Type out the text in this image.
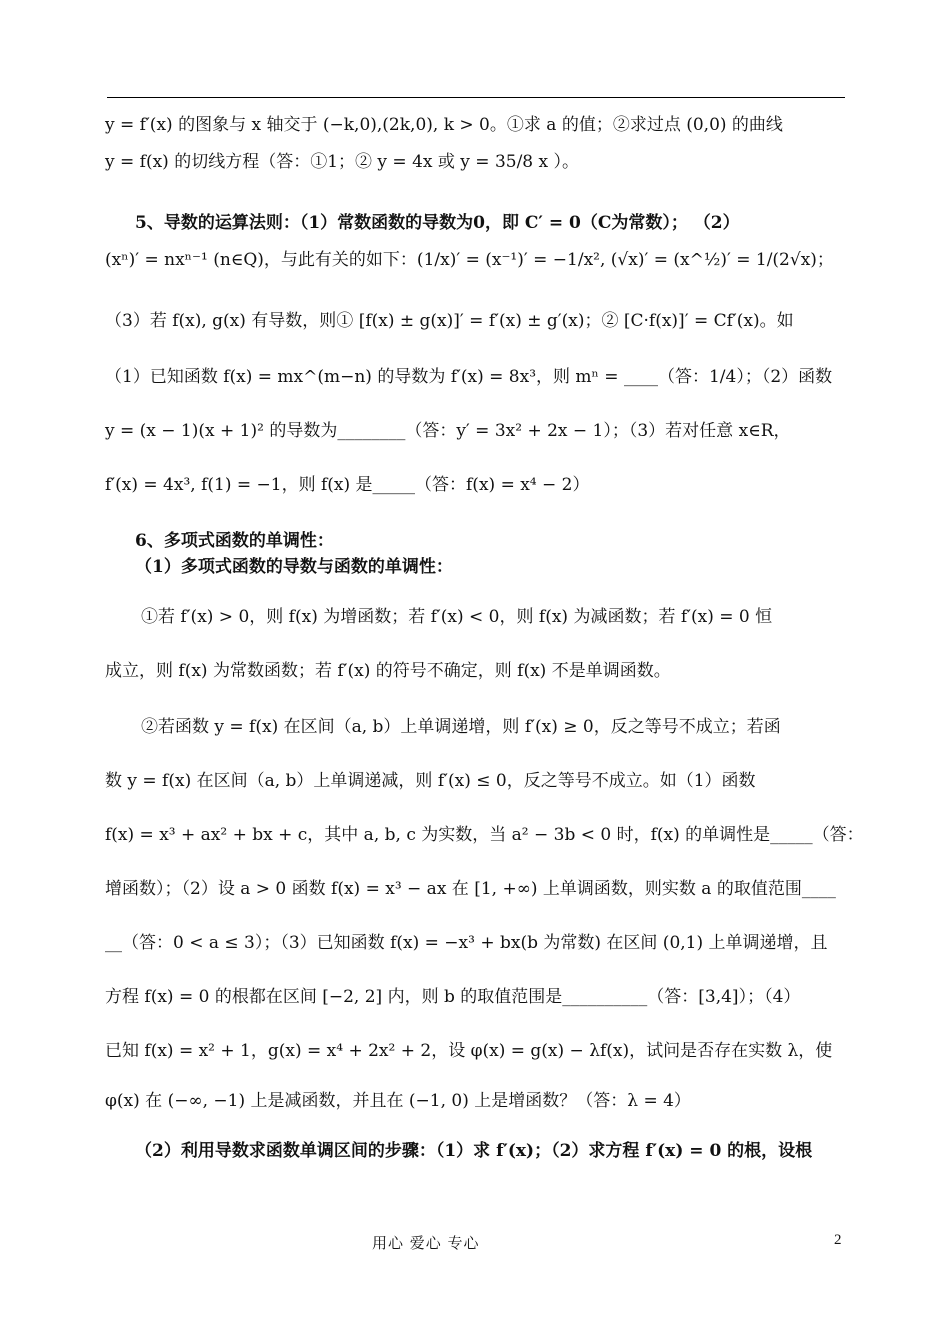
y = f′(x) 的图象与 x 轴交于 (−k,0),(2k,0), k > 0。①求 a 的值；②求过点 (0,0) 的曲线

y = f(x) 的切线方程（答：①1；② y = 4x 或 y = 35/8 x ）。

5、导数的运算法则：（1）常数函数的导数为0，即 C′ = 0（C为常数）； （2）

(xⁿ)′ = nxⁿ⁻¹ (n∈Q)，与此有关的如下：(1/x)′ = (x⁻¹)′ = −1/x², (√x)′ = (x^½)′ = 1/(2√x)；

（3）若 f(x), g(x) 有导数，则① [f(x) ± g(x)]′ = f′(x) ± g′(x)；② [C·f(x)]′ = Cf′(x)。如

（1）已知函数 f(x) = mx^(m−n) 的导数为 f′(x) = 8x³，则 mⁿ = ____（答：1/4）；（2）函数

y = (x − 1)(x + 1)² 的导数为________（答：y′ = 3x² + 2x − 1）；（3）若对任意 x∈R，

f′(x) = 4x³, f(1) = −1，则 f(x) 是_____（答：f(x) = x⁴ − 2）

6、多项式函数的单调性：

（1）多项式函数的导数与函数的单调性：

①若 f′(x) > 0，则 f(x) 为增函数；若 f′(x) < 0，则 f(x) 为减函数；若 f′(x) = 0 恒

成立，则 f(x) 为常数函数；若 f′(x) 的符号不确定，则 f(x) 不是单调函数。

②若函数 y = f(x) 在区间（a, b）上单调递增，则 f′(x) ≥ 0，反之等号不成立；若函

数 y = f(x) 在区间（a, b）上单调递减，则 f′(x) ≤ 0，反之等号不成立。如（1）函数

f(x) = x³ + ax² + bx + c，其中 a, b, c 为实数，当 a² − 3b < 0 时，f(x) 的单调性是_____（答：

增函数）；（2）设 a > 0 函数 f(x) = x³ − ax 在 [1, +∞) 上单调函数，则实数 a 的取值范围____

__（答：0 < a ≤ 3）；（3）已知函数 f(x) = −x³ + bx(b 为常数) 在区间 (0,1) 上单调递增，且

方程 f(x) = 0 的根都在区间 [−2, 2] 内，则 b 的取值范围是__________（答：[3,4]）；（4）

已知 f(x) = x² + 1，g(x) = x⁴ + 2x² + 2，设 φ(x) = g(x) − λf(x)，试问是否存在实数 λ，使

φ(x) 在 (−∞, −1) 上是减函数，并且在 (−1, 0) 上是增函数？（答：λ = 4）

（2）利用导数求函数单调区间的步骤：（1）求 f′(x)；（2）求方程 f′(x) = 0 的根，设根

用心 爱心 专心	2
